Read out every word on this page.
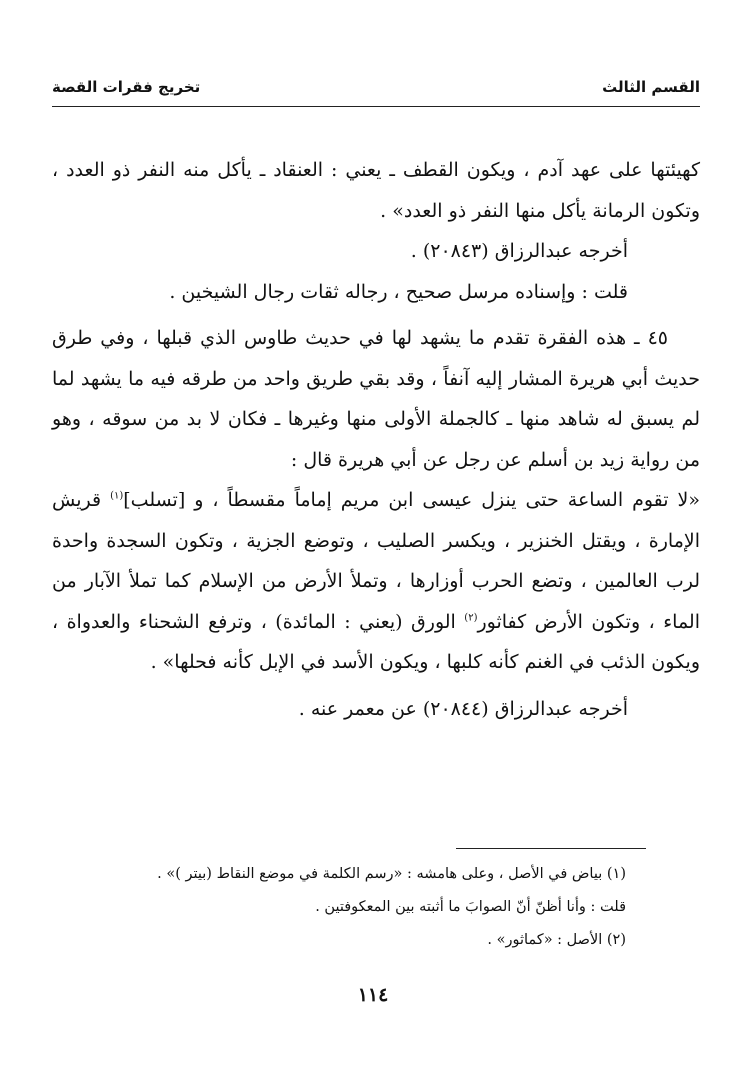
القسم الثالث
تخريج فقرات القصة

كهيئتها على عهد آدم ، ويكون القطف ـ يعني : العنقاد ـ يأكل منه النفر ذو العدد ، وتكون الرمانة يأكل منها النفر ذو العدد» .

أخرجه عبدالرزاق (٢٠٨٤٣) .

قلت : وإسناده مرسل صحيح ، رجاله ثقات رجال الشيخين .

٤٥ ـ هذه الفقرة تقدم ما يشهد لها في حديث طاوس الذي قبلها ، وفي طرق حديث أبي هريرة المشار إليه آنفاً ، وقد بقي طريق واحد من طرقه فيه ما يشهد لما لم يسبق له شاهد منها ـ كالجملة الأولى منها وغيرها ـ فكان لا بد من سوقه ، وهو من رواية زيد بن أسلم عن رجل عن أبي هريرة قال :

«لا تقوم الساعة حتى ينزل عيسى ابن مريم إماماً مقسطاً ، و [تسلب]$^{(١)}$ قريش الإمارة ، ويقتل الخنزير ، ويكسر الصليب ، وتوضع الجزية ، وتكون السجدة واحدة لرب العالمين ، وتضع الحرب أوزارها ، وتملأ الأرض من الإسلام كما تملأ الآبار من الماء ، وتكون الأرض كفاثور$^{(٢)}$ الورق (يعني : المائدة) ، وترفع الشحناء والعدواة ، ويكون الذئب في الغنم كأنه كلبها ، ويكون الأسد في الإبل كأنه فحلها» .

أخرجه عبدالرزاق (٢٠٨٤٤) عن معمر عنه .

(١) بياض في الأصل ، وعلى هامشه : «رسم الكلمة في موضع النقاط (بيتر )» .

قلت : وأنا أظنّ أنّ الصوابَ ما أثبته بين المعكوفتين .

(٢) الأصل : «كماثور» .

١١٤
